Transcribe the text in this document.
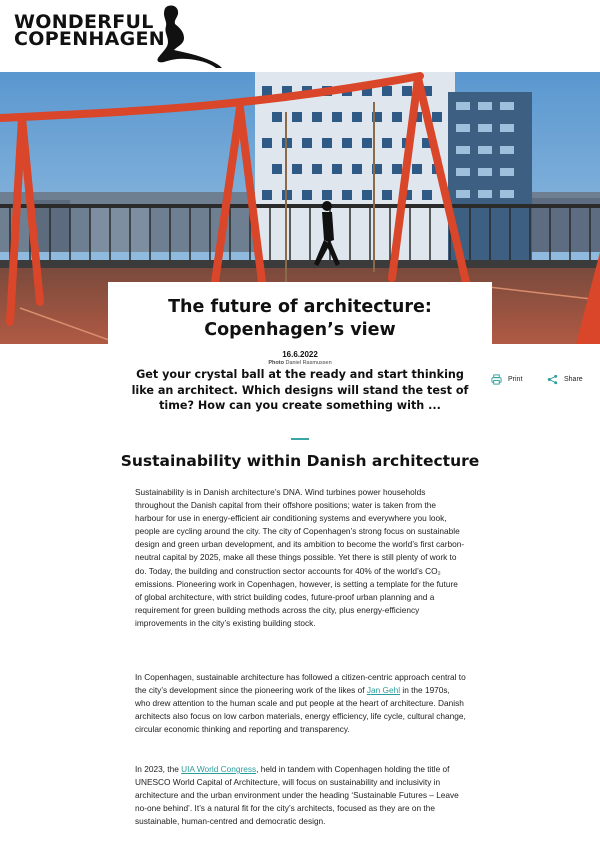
WONDERFUL
COPENHAGEN
The future of architecture: Copenhagen’s view
16.6.2022
Photo Daniel Rasmussen

Get your crystal ball at the ready and start thinking like an architect. Which designs will stand the test of time? How can you create something with ...

Print	Share
Sustainability within Danish architecture

Sustainability is in Danish architecture’s DNA. Wind turbines power households throughout the Danish capital from their offshore positions; water is taken from the harbour for use in energy-efficient air conditioning systems and everywhere you look, people are cycling around the city. The city of Copenhagen’s strong focus on sustainable design and green urban development, and its ambition to become the world’s first carbon-neutral capital by 2025, make all these things possible. Yet there is still plenty of work to do. Today, the building and construction sector accounts for 40% of the world’s CO₂ emissions. Pioneering work in Copenhagen, however, is setting a template for the future of global architecture, with strict building codes, future-proof urban planning and a requirement for green building methods across the city, plus energy-efficiency improvements in the city’s existing building stock.

In Copenhagen, sustainable architecture has followed a citizen-centric approach central to the city’s development since the pioneering work of the likes of Jan Gehl in the 1970s, who drew attention to the human scale and put people at the heart of architecture. Danish architects also focus on low carbon materials, energy efficiency, life cycle, cultural change, circular economic thinking and reporting and transparency.

In 2023, the UIA World Congress, held in tandem with Copenhagen holding the title of UNESCO World Capital of Architecture, will focus on sustainability and inclusivity in architecture and the urban environment under the heading ‘Sustainable Futures – Leave no-one behind’. It’s a natural fit for the city’s architects, focused as they are on the sustainable, human-centred and democratic design.
